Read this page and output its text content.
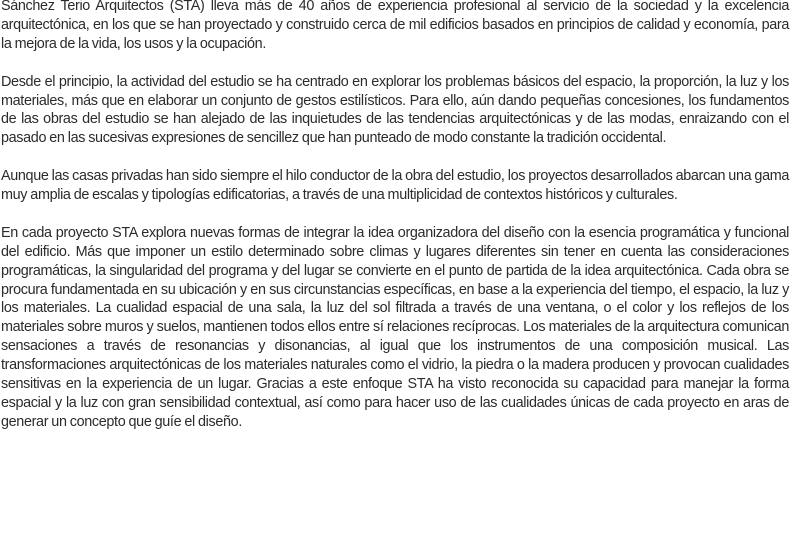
Sánchez Terio Arquitectos (STA) lleva más de 40 años de experiencia profesional al servicio de la sociedad y la excelencia arquitectónica, en los que se han proyectado y construido cerca de mil edificios basados en principios de calidad y economía, para la mejora de la vida, los usos y la ocupación.

Desde el principio, la actividad del estudio se ha centrado en explorar los problemas básicos del espacio, la proporción, la luz y los materiales, más que en elaborar un conjunto de gestos estilísticos. Para ello, aún dando pequeñas concesiones, los fundamentos de las obras del estudio se han alejado de las inquietudes de las tendencias arquitectónicas y de las modas, enraizando con el pasado en las sucesivas expresiones de sencillez que han punteado de modo constante la tradición occidental.

Aunque las casas privadas han sido siempre el hilo conductor de la obra del estudio, los proyectos desarrollados abarcan una gama muy amplia de escalas y tipologías edificatorias, a través de una multiplicidad de contextos históricos y culturales.

En cada proyecto STA explora nuevas formas de integrar la idea organizadora del diseño con la esencia programática y funcional del edificio. Más que imponer un estilo determinado sobre climas y lugares diferentes sin tener en cuenta las consideraciones programáticas, la singularidad del programa y del lugar se convierte en el punto de partida de la idea arquitectónica. Cada obra se procura fundamentada en su ubicación y en sus circunstancias específicas, en base a la experiencia del tiempo, el espacio, la luz y los materiales. La cualidad espacial de una sala, la luz del sol filtrada a través de una ventana, o el color y los reflejos de los materiales sobre muros y suelos, mantienen todos ellos entre sí relaciones recíprocas. Los materiales de la arquitectura comunican sensaciones a través de resonancias y disonancias, al igual que los instrumentos de una composición musical. Las transformaciones arquitectónicas de los materiales naturales como el vidrio, la piedra o la madera producen y provocan cualidades sensitivas en la experiencia de un lugar. Gracias a este enfoque STA ha visto reconocida su capacidad para manejar la forma espacial y la luz con gran sensibilidad contextual, así como para hacer uso de las cualidades únicas de cada proyecto en aras de generar un concepto que guíe el diseño.
